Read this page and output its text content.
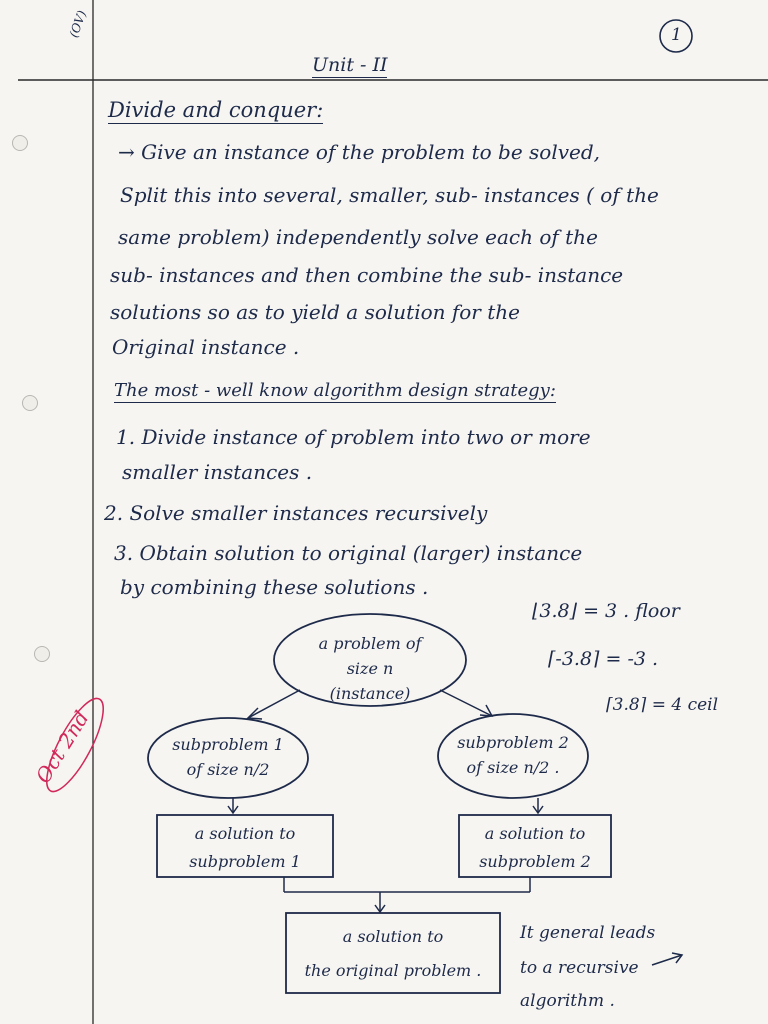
(OV)	1
Unit - II
Divide and conquer:
→ Give an instance of the problem to be solved,
Split this into several, smaller, sub- instances ( of the
same problem) independently solve each of the
sub- instances and then combine the sub- instance
solutions so as to yield a solution for the
Original instance .
The most - well know algorithm design strategy:
1. Divide instance of problem into two or more
smaller instances .
2. Solve smaller instances recursively
3. Obtain solution to original (larger) instance
by combining these solutions .
⌊3.8⌋ = 3 . floor
⌈-3.8⌉ = -3 .
⌈3.8⌉ = 4 ceil
a problem of
size n
(instance)
subproblem 1
of size n/2
subproblem 2
of size n/2 .
a solution to
subproblem 1
a solution to
subproblem 2
a solution to
the original problem .
It general leads
to a recursive
algorithm .
Oct 2nd
